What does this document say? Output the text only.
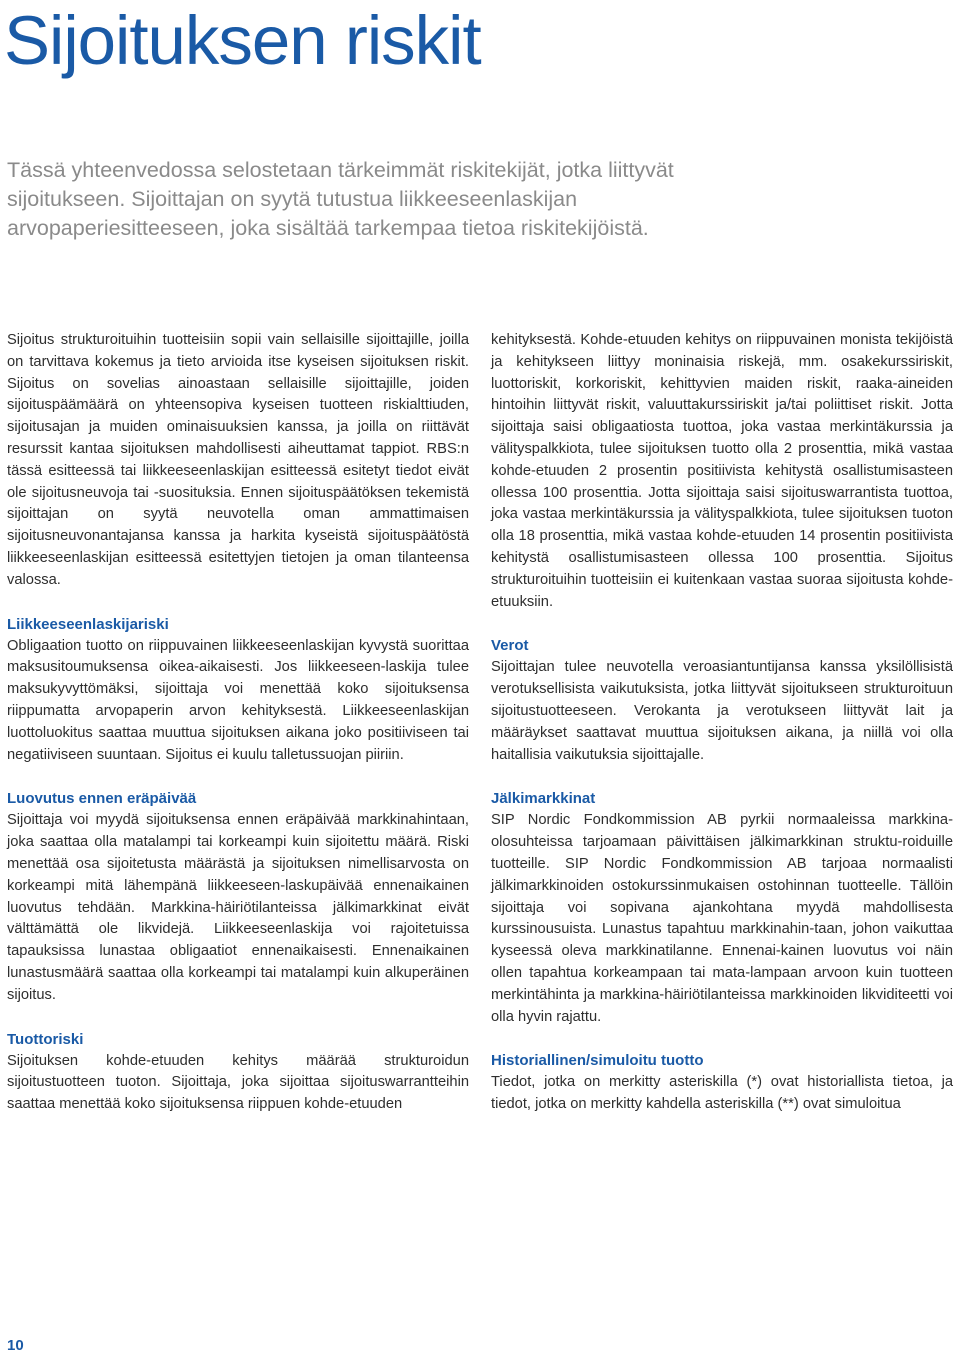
Sijoituksen riskit

Tässä yhteenvedossa selostetaan tärkeimmät riskitekijät, jotka liittyvät sijoitukseen. Sijoittajan on syytä tutustua liikkeeseenlaskijan arvopaperiesitteeseen, joka sisältää tarkempaa tietoa riskitekijöistä.

Sijoitus strukturoituihin tuotteisiin sopii vain sellaisille sijoittajille, joilla on tarvittava kokemus ja tieto arvioida itse kyseisen sijoituksen riskit. Sijoitus on sovelias ainoastaan sellaisille sijoittajille, joiden sijoituspäämäärä on yhteensopiva kyseisen tuotteen riskialttiuden, sijoitusajan ja muiden ominaisuuksien kanssa, ja joilla on riittävät resurssit kantaa sijoituksen mahdollisesti aiheuttamat tappiot. RBS:n tässä esitteessä tai liikkeeseenlaskijan esitteessä esitetyt tiedot eivät ole sijoitusneuvoja tai -suosituksia. Ennen sijoituspäätöksen tekemistä sijoittajan on syytä neuvotella oman ammattimaisen sijoitusneuvonantajansa kanssa ja harkita kyseistä sijoituspäätöstä liikkeeseenlaskijan esitteessä esitettyjen tietojen ja oman tilanteensa valossa.

Liikkeeseenlaskijariski

Obligaation tuotto on riippuvainen liikkeeseenlaskijan kyvystä suorittaa maksusitoumuksensa oikea-aikaisesti. Jos liikkeeseen-laskija tulee maksukyvyttömäksi, sijoittaja voi menettää koko sijoituksensa riippumatta arvopaperin arvon kehityksestä. Liikkeeseenlaskijan luottoluokitus saattaa muuttua sijoituksen aikana joko positiiviseen tai negatiiviseen suuntaan. Sijoitus ei kuulu talletussuojan piiriin.

Luovutus ennen eräpäivää

Sijoittaja voi myydä sijoituksensa ennen eräpäivää markkinahintaan, joka saattaa olla matalampi tai korkeampi kuin sijoitettu määrä. Riski menettää osa sijoitetusta määrästä ja sijoituksen nimellisarvosta on korkeampi mitä lähempänä liikkeeseen-laskupäivää ennenaikainen luovutus tehdään. Markkina-häiriötilanteissa jälkimarkkinat eivät välttämättä ole likvidejä. Liikkeeseenlaskija voi rajoitetuissa tapauksissa lunastaa obligaatiot ennenaikaisesti. Ennenaikainen lunastusmäärä saattaa olla korkeampi tai matalampi kuin alkuperäinen sijoitus.

Tuottoriski

Sijoituksen kohde-etuuden kehitys määrää strukturoidun sijoitustuotteen tuoton. Sijoittaja, joka sijoittaa sijoituswarrantteihin saattaa menettää koko sijoituksensa riippuen kohde-etuuden

kehityksestä. Kohde-etuuden kehitys on riippuvainen monista tekijöistä ja kehitykseen liittyy moninaisia riskejä, mm. osakekurssiriskit, luottoriskit, korkoriskit, kehittyvien maiden riskit, raaka-aineiden hintoihin liittyvät riskit, valuuttakurssiriskit ja/tai poliittiset riskit. Jotta sijoittaja saisi obligaatiosta tuottoa, joka vastaa merkintäkurssia ja välityspalkkiota, tulee sijoituksen tuotto olla 2 prosenttia, mikä vastaa kohde-etuuden 2 prosentin positiivista kehitystä osallistumisasteen ollessa 100 prosenttia. Jotta sijoittaja saisi sijoituswarrantista tuottoa, joka vastaa merkintäkurssia ja välityspalkkiota, tulee sijoituksen tuoton olla 18 prosenttia, mikä vastaa kohde-etuuden 14 prosentin positiivista kehitystä osallistumisasteen ollessa 100 prosenttia. Sijoitus strukturoituihin tuotteisiin ei kuitenkaan vastaa suoraa sijoitusta kohde-etuuksiin.

Verot

Sijoittajan tulee neuvotella veroasiantuntijansa kanssa yksilöllisistä verotuksellisista vaikutuksista, jotka liittyvät sijoitukseen strukturoituun sijoitustuotteeseen. Verokanta ja verotukseen liittyvät lait ja määräykset saattavat muuttua sijoituksen aikana, ja niillä voi olla haitallisia vaikutuksia sijoittajalle.

Jälkimarkkinat

SIP Nordic Fondkommission AB pyrkii normaaleissa markkina-olosuhteissa tarjoamaan päivittäisen jälkimarkkinan struktu-roiduille tuotteille. SIP Nordic Fondkommission AB tarjoaa normaalisti jälkimarkkinoiden ostokurssinmukaisen ostohinnan tuotteelle. Tällöin sijoittaja voi sopivana ajankohtana myydä mahdollisesta kurssinousuista. Lunastus tapahtuu markkinahin-taan, johon vaikuttaa kyseessä oleva markkinatilanne. Ennenai-kainen luovutus voi näin ollen tapahtua korkeampaan tai mata-lampaan arvoon kuin tuotteen merkintähinta ja markkina-häiriötilanteissa markkinoiden likviditeetti voi olla hyvin rajattu.

Historiallinen/simuloitu tuotto

Tiedot, jotka on merkitty asteriskilla (*) ovat historiallista tietoa, ja tiedot, jotka on merkitty kahdella asteriskilla (**) ovat simuloitua

10
